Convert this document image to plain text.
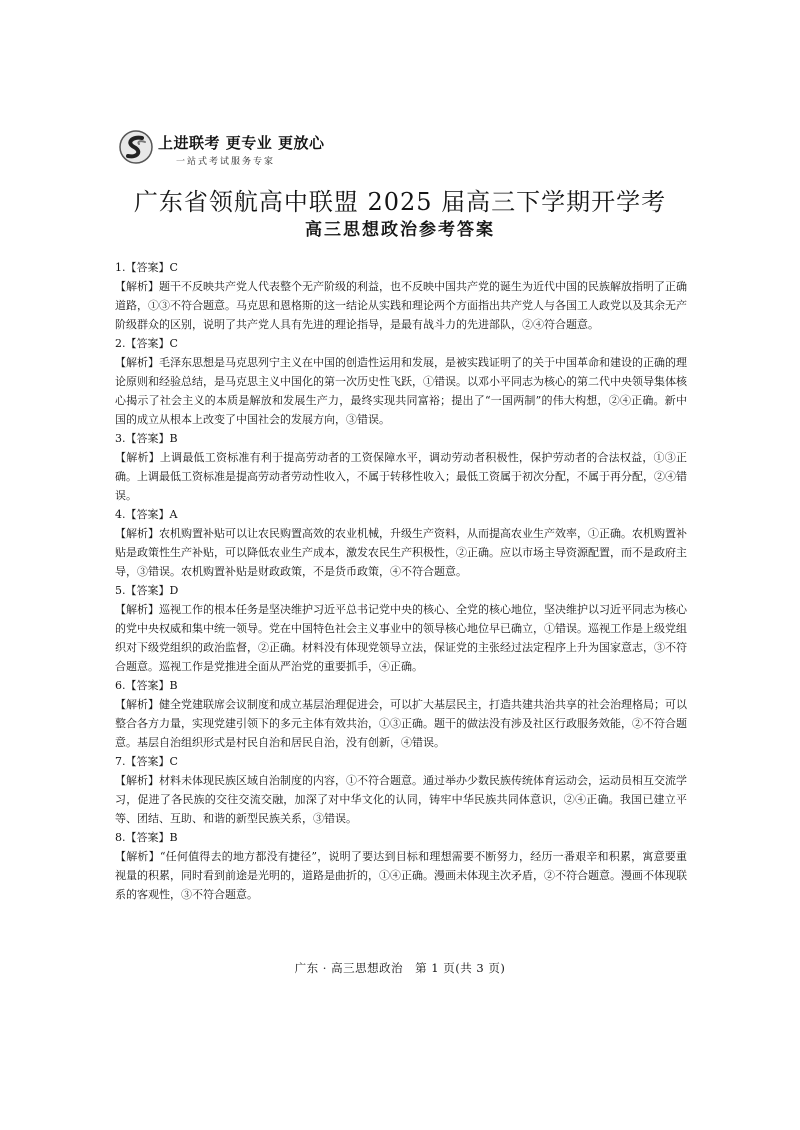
上进联考 更专业 更放心
一站式考试服务专家
广东省领航高中联盟 2025 届高三下学期开学考
高三思想政治参考答案
1.【答案】C
【解析】题干不反映共产党人代表整个无产阶级的利益，也不反映中国共产党的诞生为近代中国的民族解放指明了正确道路，①③不符合题意。马克思和恩格斯的这一结论从实践和理论两个方面指出共产党人与各国工人政党以及其余无产阶级群众的区别，说明了共产党人具有先进的理论指导，是最有战斗力的先进部队，②④符合题意。
2.【答案】C
【解析】毛泽东思想是马克思列宁主义在中国的创造性运用和发展，是被实践证明了的关于中国革命和建设的正确的理论原则和经验总结，是马克思主义中国化的第一次历史性飞跃，①错误。以邓小平同志为核心的第二代中央领导集体核心揭示了社会主义的本质是解放和发展生产力，最终实现共同富裕；提出了“一国两制”的伟大构想，②④正确。新中国的成立从根本上改变了中国社会的发展方向，③错误。
3.【答案】B
【解析】上调最低工资标准有利于提高劳动者的工资保障水平，调动劳动者积极性，保护劳动者的合法权益，①③正确。上调最低工资标准是提高劳动者劳动性收入，不属于转移性收入；最低工资属于初次分配，不属于再分配，②④错误。
4.【答案】A
【解析】农机购置补贴可以让农民购置高效的农业机械，升级生产资料，从而提高农业生产效率，①正确。农机购置补贴是政策性生产补贴，可以降低农业生产成本，激发农民生产积极性，②正确。应以市场主导资源配置，而不是政府主导，③错误。农机购置补贴是财政政策，不是货币政策，④不符合题意。
5.【答案】D
【解析】巡视工作的根本任务是坚决维护习近平总书记党中央的核心、全党的核心地位，坚决维护以习近平同志为核心的党中央权威和集中统一领导。党在中国特色社会主义事业中的领导核心地位早已确立，①错误。巡视工作是上级党组织对下级党组织的政治监督，②正确。材料没有体现党领导立法，保证党的主张经过法定程序上升为国家意志，③不符合题意。巡视工作是党推进全面从严治党的重要抓手，④正确。
6.【答案】B
【解析】健全党建联席会议制度和成立基层治理促进会，可以扩大基层民主，打造共建共治共享的社会治理格局；可以整合各方力量，实现党建引领下的多元主体有效共治，①③正确。题干的做法没有涉及社区行政服务效能，②不符合题意。基层自治组织形式是村民自治和居民自治，没有创新，④错误。
7.【答案】C
【解析】材料未体现民族区域自治制度的内容，①不符合题意。通过举办少数民族传统体育运动会，运动员相互交流学习，促进了各民族的交往交流交融，加深了对中华文化的认同，铸牢中华民族共同体意识，②④正确。我国已建立平等、团结、互助、和谐的新型民族关系，③错误。
8.【答案】B
【解析】“任何值得去的地方都没有捷径”，说明了要达到目标和理想需要不断努力，经历一番艰辛和积累，寓意要重视量的积累，同时看到前途是光明的，道路是曲折的，①④正确。漫画未体现主次矛盾，②不符合题意。漫画不体现联系的客观性，③不符合题意。
广东 · 高三思想政治　第 1 页(共 3 页)
